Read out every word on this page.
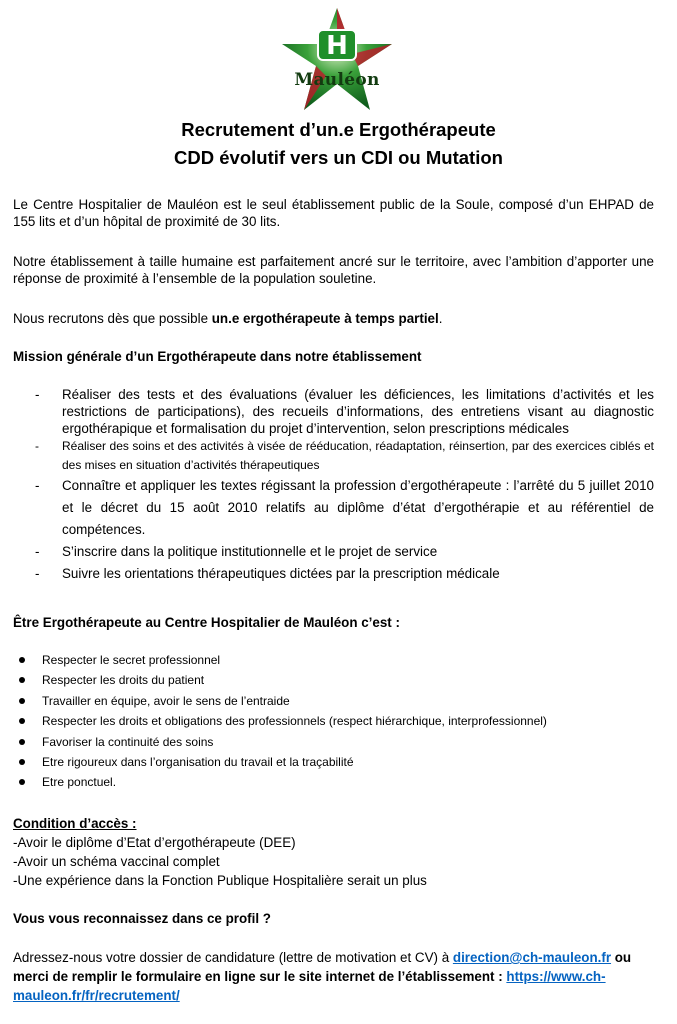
H
Mauléon
Recrutement d’un.e Ergothérapeute
CDD évolutif vers un CDI ou Mutation

Le Centre Hospitalier de Mauléon est le seul établissement public de la Soule, composé d’un EHPAD de 155 lits et d’un hôpital de proximité de 30 lits.

Notre établissement à taille humaine est parfaitement ancré sur le territoire, avec l’ambition d’apporter une réponse de proximité à l’ensemble de la population souletine.

Nous recrutons dès que possible un.e ergothérapeute à temps partiel.

Mission générale d’un Ergothérapeute dans notre établissement

- Réaliser des tests et des évaluations (évaluer les déficiences, les limitations d’activités et les restrictions de participations), des recueils d’informations, des entretiens visant au diagnostic ergothérapique et formalisation du projet d’intervention, selon prescriptions médicales
- Réaliser des soins et des activités à visée de rééducation, réadaptation, réinsertion, par des exercices ciblés et des mises en situation d’activités thérapeutiques
- Connaître et appliquer les textes régissant la profession d’ergothérapeute : l’arrêté du 5 juillet 2010 et le décret du 15 août 2010 relatifs au diplôme d’état d’ergothérapie et au référentiel de compétences.
- S’inscrire dans la politique institutionnelle et le projet de service
- Suivre les orientations thérapeutiques dictées par la prescription médicale

Être Ergothérapeute au Centre Hospitalier de Mauléon c’est :

Respecter le secret professionnel
Respecter les droits du patient
Travailler en équipe, avoir le sens de l’entraide
Respecter les droits et obligations des professionnels (respect hiérarchique, interprofessionnel)
Favoriser la continuité des soins
Etre rigoureux dans l’organisation du travail et la traçabilité
Etre ponctuel.

Condition d’accès :

-Avoir le diplôme d’Etat d’ergothérapeute (DEE)

-Avoir un schéma vaccinal complet

-Une expérience dans la Fonction Publique Hospitalière serait un plus

Vous vous reconnaissez dans ce profil ?

Adressez-nous votre dossier de candidature (lettre de motivation et CV) à direction@ch-mauleon.fr ou merci de remplir le formulaire en ligne sur le site internet de l’établissement : https://www.ch-mauleon.fr/fr/recrutement/
